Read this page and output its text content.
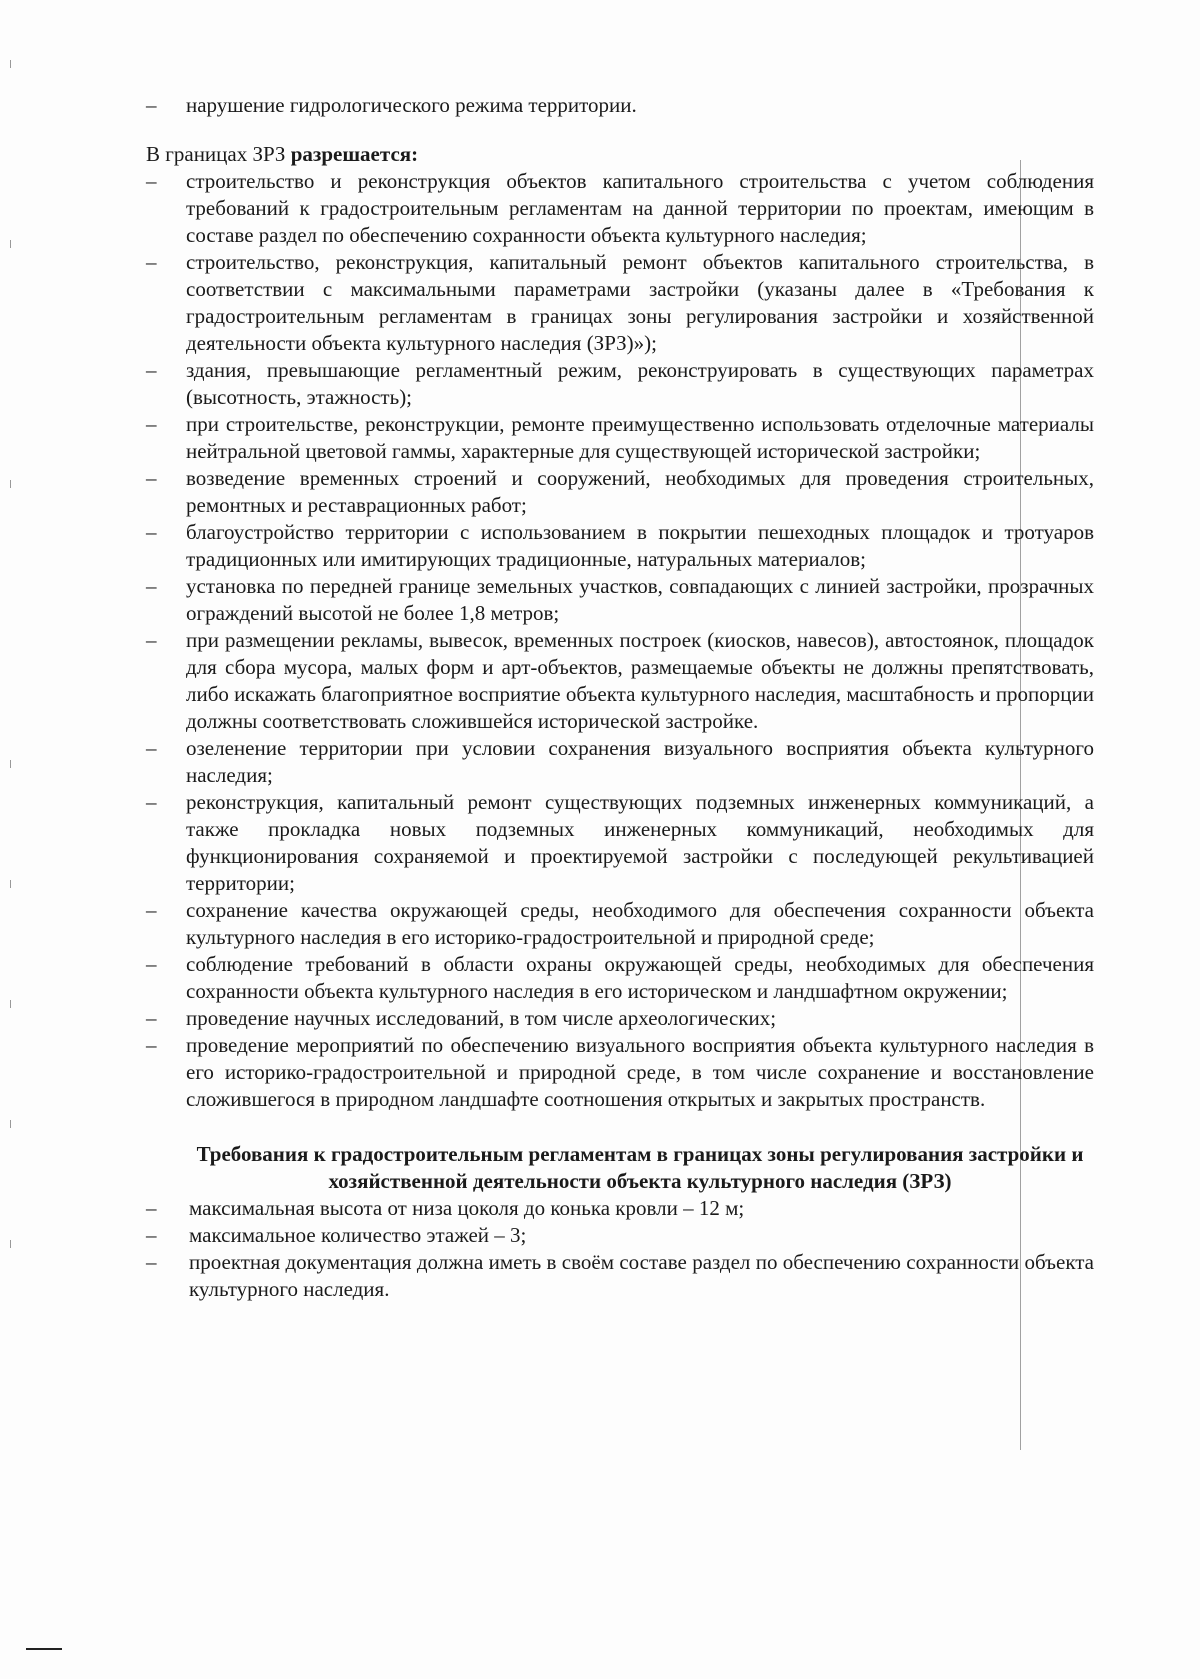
–	нарушение гидрологического режима территории.

В границах ЗРЗ разрешается:

–	строительство и реконструкция объектов капитального строительства с учетом соблюдения требований к градостроительным регламентам на данной территории по проектам, имеющим в составе раздел по обеспечению сохранности объекта культурного наследия;
–	строительство, реконструкция, капитальный ремонт объектов капитального строительства, в соответствии с максимальными параметрами застройки (указаны далее в «Требования к градостроительным регламентам в границах зоны регулирования застройки и хозяйственной деятельности объекта культурного наследия (ЗРЗ)»);
–	здания, превышающие регламентный режим, реконструировать в существующих параметрах (высотность, этажность);
–	при строительстве, реконструкции, ремонте преимущественно использовать отделочные материалы нейтральной цветовой гаммы, характерные для существующей исторической застройки;
–	возведение временных строений и сооружений, необходимых для проведения строительных, ремонтных и реставрационных работ;
–	благоустройство территории с использованием в покрытии пешеходных площадок и тротуаров традиционных или имитирующих традиционные, натуральных материалов;
–	установка по передней границе земельных участков, совпадающих с линией застройки, прозрачных ограждений высотой не более 1,8 метров;
–	при размещении рекламы, вывесок, временных построек (киосков, навесов), автостоянок, площадок для сбора мусора, малых форм и арт-объектов, размещаемые объекты не должны препятствовать, либо искажать благоприятное восприятие объекта культурного наследия, масштабность и пропорции должны соответствовать сложившейся исторической застройке.
–	озеленение территории при условии сохранения визуального восприятия объекта культурного наследия;
–	реконструкция, капитальный ремонт существующих подземных инженерных коммуникаций, а также прокладка новых подземных инженерных коммуникаций, необходимых для функционирования сохраняемой и проектируемой застройки с последующей рекультивацией территории;
–	сохранение качества окружающей среды, необходимого для обеспечения сохранности объекта культурного наследия в его историко-градостроительной и природной среде;
–	соблюдение требований в области охраны окружающей среды, необходимых для обеспечения сохранности объекта культурного наследия в его историческом и ландшафтном окружении;
–	проведение научных исследований, в том числе археологических;
–	проведение мероприятий по обеспечению визуального восприятия объекта культурного наследия в его историко-градостроительной и природной среде, в том числе сохранение и восстановление сложившегося в природном ландшафте соотношения открытых и закрытых пространств.
Требования к градостроительным регламентам в границах зоны регулирования застройки и хозяйственной деятельности объекта культурного наследия (ЗРЗ)
–	максимальная высота от низа цоколя до конька кровли – 12 м;
–	максимальное количество этажей – 3;
–	проектная документация должна иметь в своём составе раздел по обеспечению сохранности объекта культурного наследия.
